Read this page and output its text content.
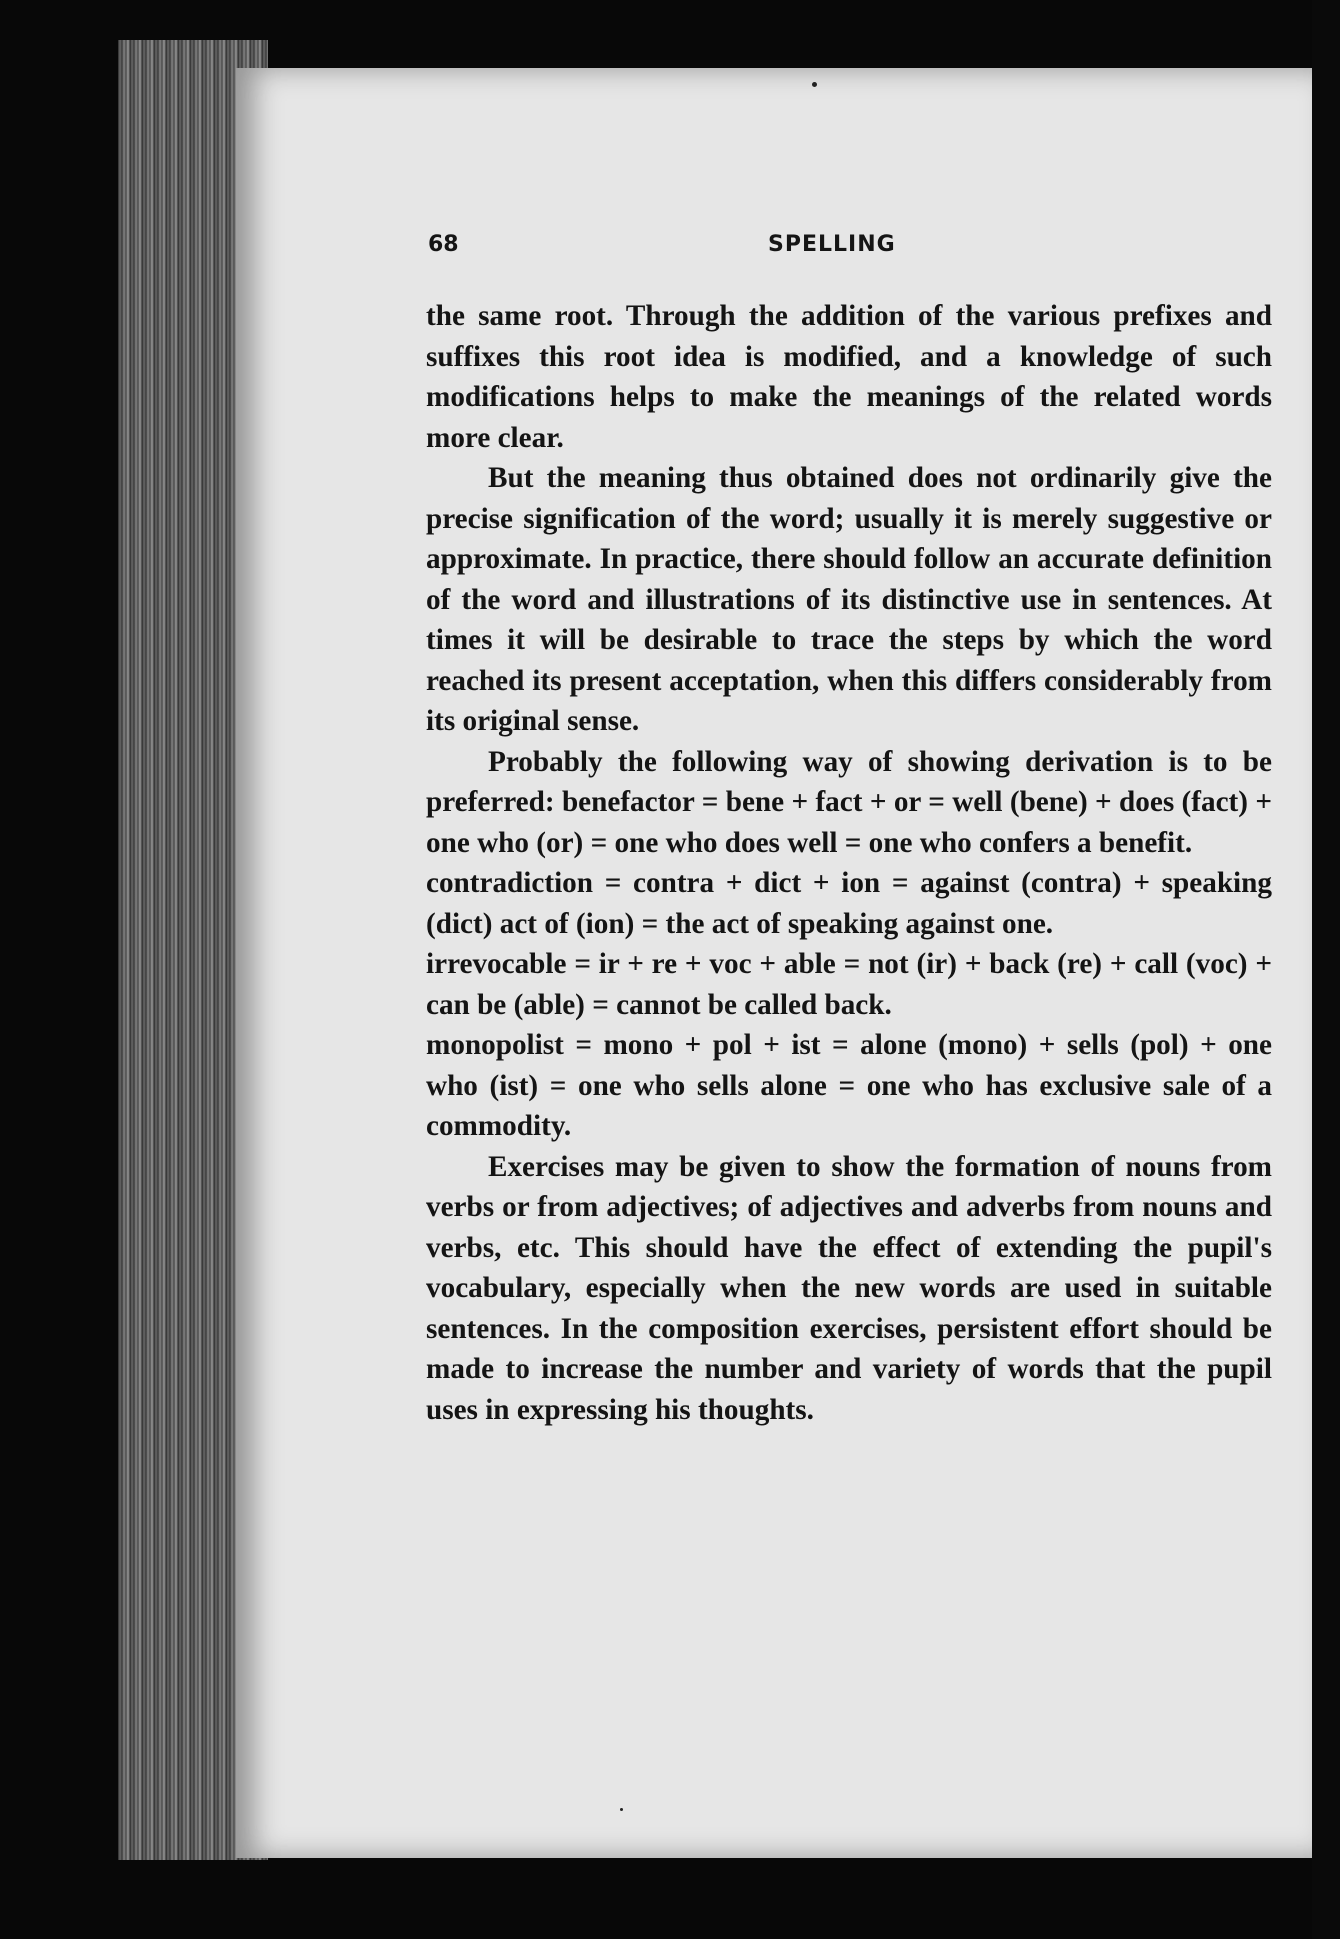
68	SPELLING

the same root. Through the addition of the various prefixes and suffixes this root idea is modified, and a knowledge of such modifications helps to make the meanings of the related words more clear.

But the meaning thus obtained does not ordinarily give the precise signification of the word; usually it is merely suggestive or approximate. In practice, there should follow an accurate definition of the word and illustrations of its distinctive use in sentences. At times it will be desirable to trace the steps by which the word reached its present acceptation, when this differs considerably from its original sense.

Probably the following way of showing derivation is to be preferred: benefactor = bene + fact + or = well (bene) + does (fact) + one who (or) = one who does well = one who confers a benefit.

contradiction = contra + dict + ion = against (contra) + speaking (dict) act of (ion) = the act of speaking against one.

irrevocable = ir + re + voc + able = not (ir) + back (re) + call (voc) + can be (able) = cannot be called back.

monopolist = mono + pol + ist = alone (mono) + sells (pol) + one who (ist) = one who sells alone = one who has exclusive sale of a commodity.

Exercises may be given to show the formation of nouns from verbs or from adjectives; of adjectives and adverbs from nouns and verbs, etc. This should have the effect of extending the pupil's vocabulary, especially when the new words are used in suitable sentences. In the composition exercises, persistent effort should be made to increase the number and variety of words that the pupil uses in expressing his thoughts.
